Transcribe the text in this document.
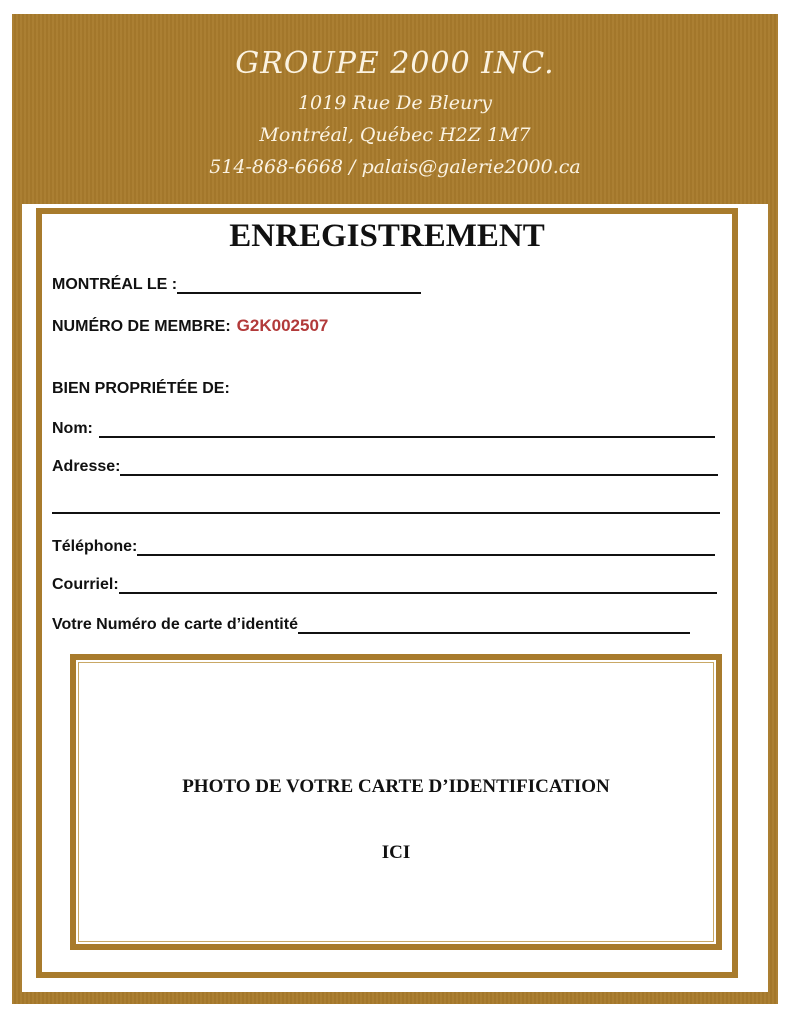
GROUPE 2000 INC.
1019 Rue De Bleury
Montréal, Québec H2Z 1M7
514-868-6668 / palais@galerie2000.ca
ENREGISTREMENT
MONTRÉAL LE :
NUMÉRO DE MEMBRE: G2K002507
BIEN PROPRIÉTÉE DE:
Nom:
Adresse:
Téléphone:
Courriel:
Votre Numéro de carte d’identité
PHOTO DE VOTRE CARTE D’IDENTIFICATION
ICI
